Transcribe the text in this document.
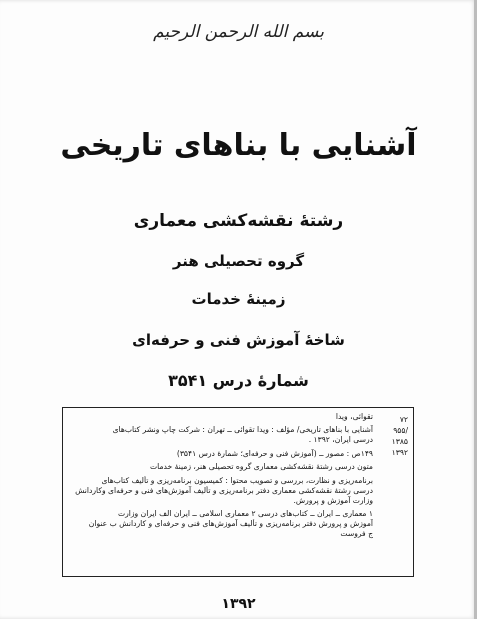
بسم الله الرحمن الرحیم
آشنایی با بناهای تاریخی
رشتۀ نقشه‌کشی معماری
گروه تحصیلی هنر
زمینۀ خدمات
شاخۀ آموزش فنی و حرفه‌ای
شمارۀ درس ۳۵۴۱
۷۲
/۹۵۵
۱۳۸۵
۱۳۹۲
تقوائی، ویدا
آشنایی با بناهای تاریخی/ مؤلف : ویدا تقوائی ــ تهران : شرکت چاپ ونشر کتاب‌های
درسی ایران، ۱۳۹۲ .
۱۴۹ص : مصور ــ (آموزش فنی و حرفه‌ای؛ شمارۀ درس ۳۵۴۱)
متون درسی رشتۀ نقشه‌کشی معماری گروه تحصیلی هنر، زمینۀ خدمات
برنامه‌ریزی و نظارت، بررسی و تصویب محتوا : کمیسیون برنامه‌ریزی و تألیف کتاب‌های
درسی رشتۀ نقشه‌کشی معماری دفتر برنامه‌ریزی و تألیف آموزش‌های فنی و حرفه‌ای وکاردانش
وزارت آموزش و پرورش.
۱ معماری ــ ایران ــ کتاب‌های درسی ۲ معماری اسلامی ــ ایران الف ایران وزارت
آموزش و پرورش دفتر برنامه‌ریزی و تألیف آموزش‌های فنی و حرفه‌ای و کاردانش ب عنوان
ج فروست
۱۳۹۲
